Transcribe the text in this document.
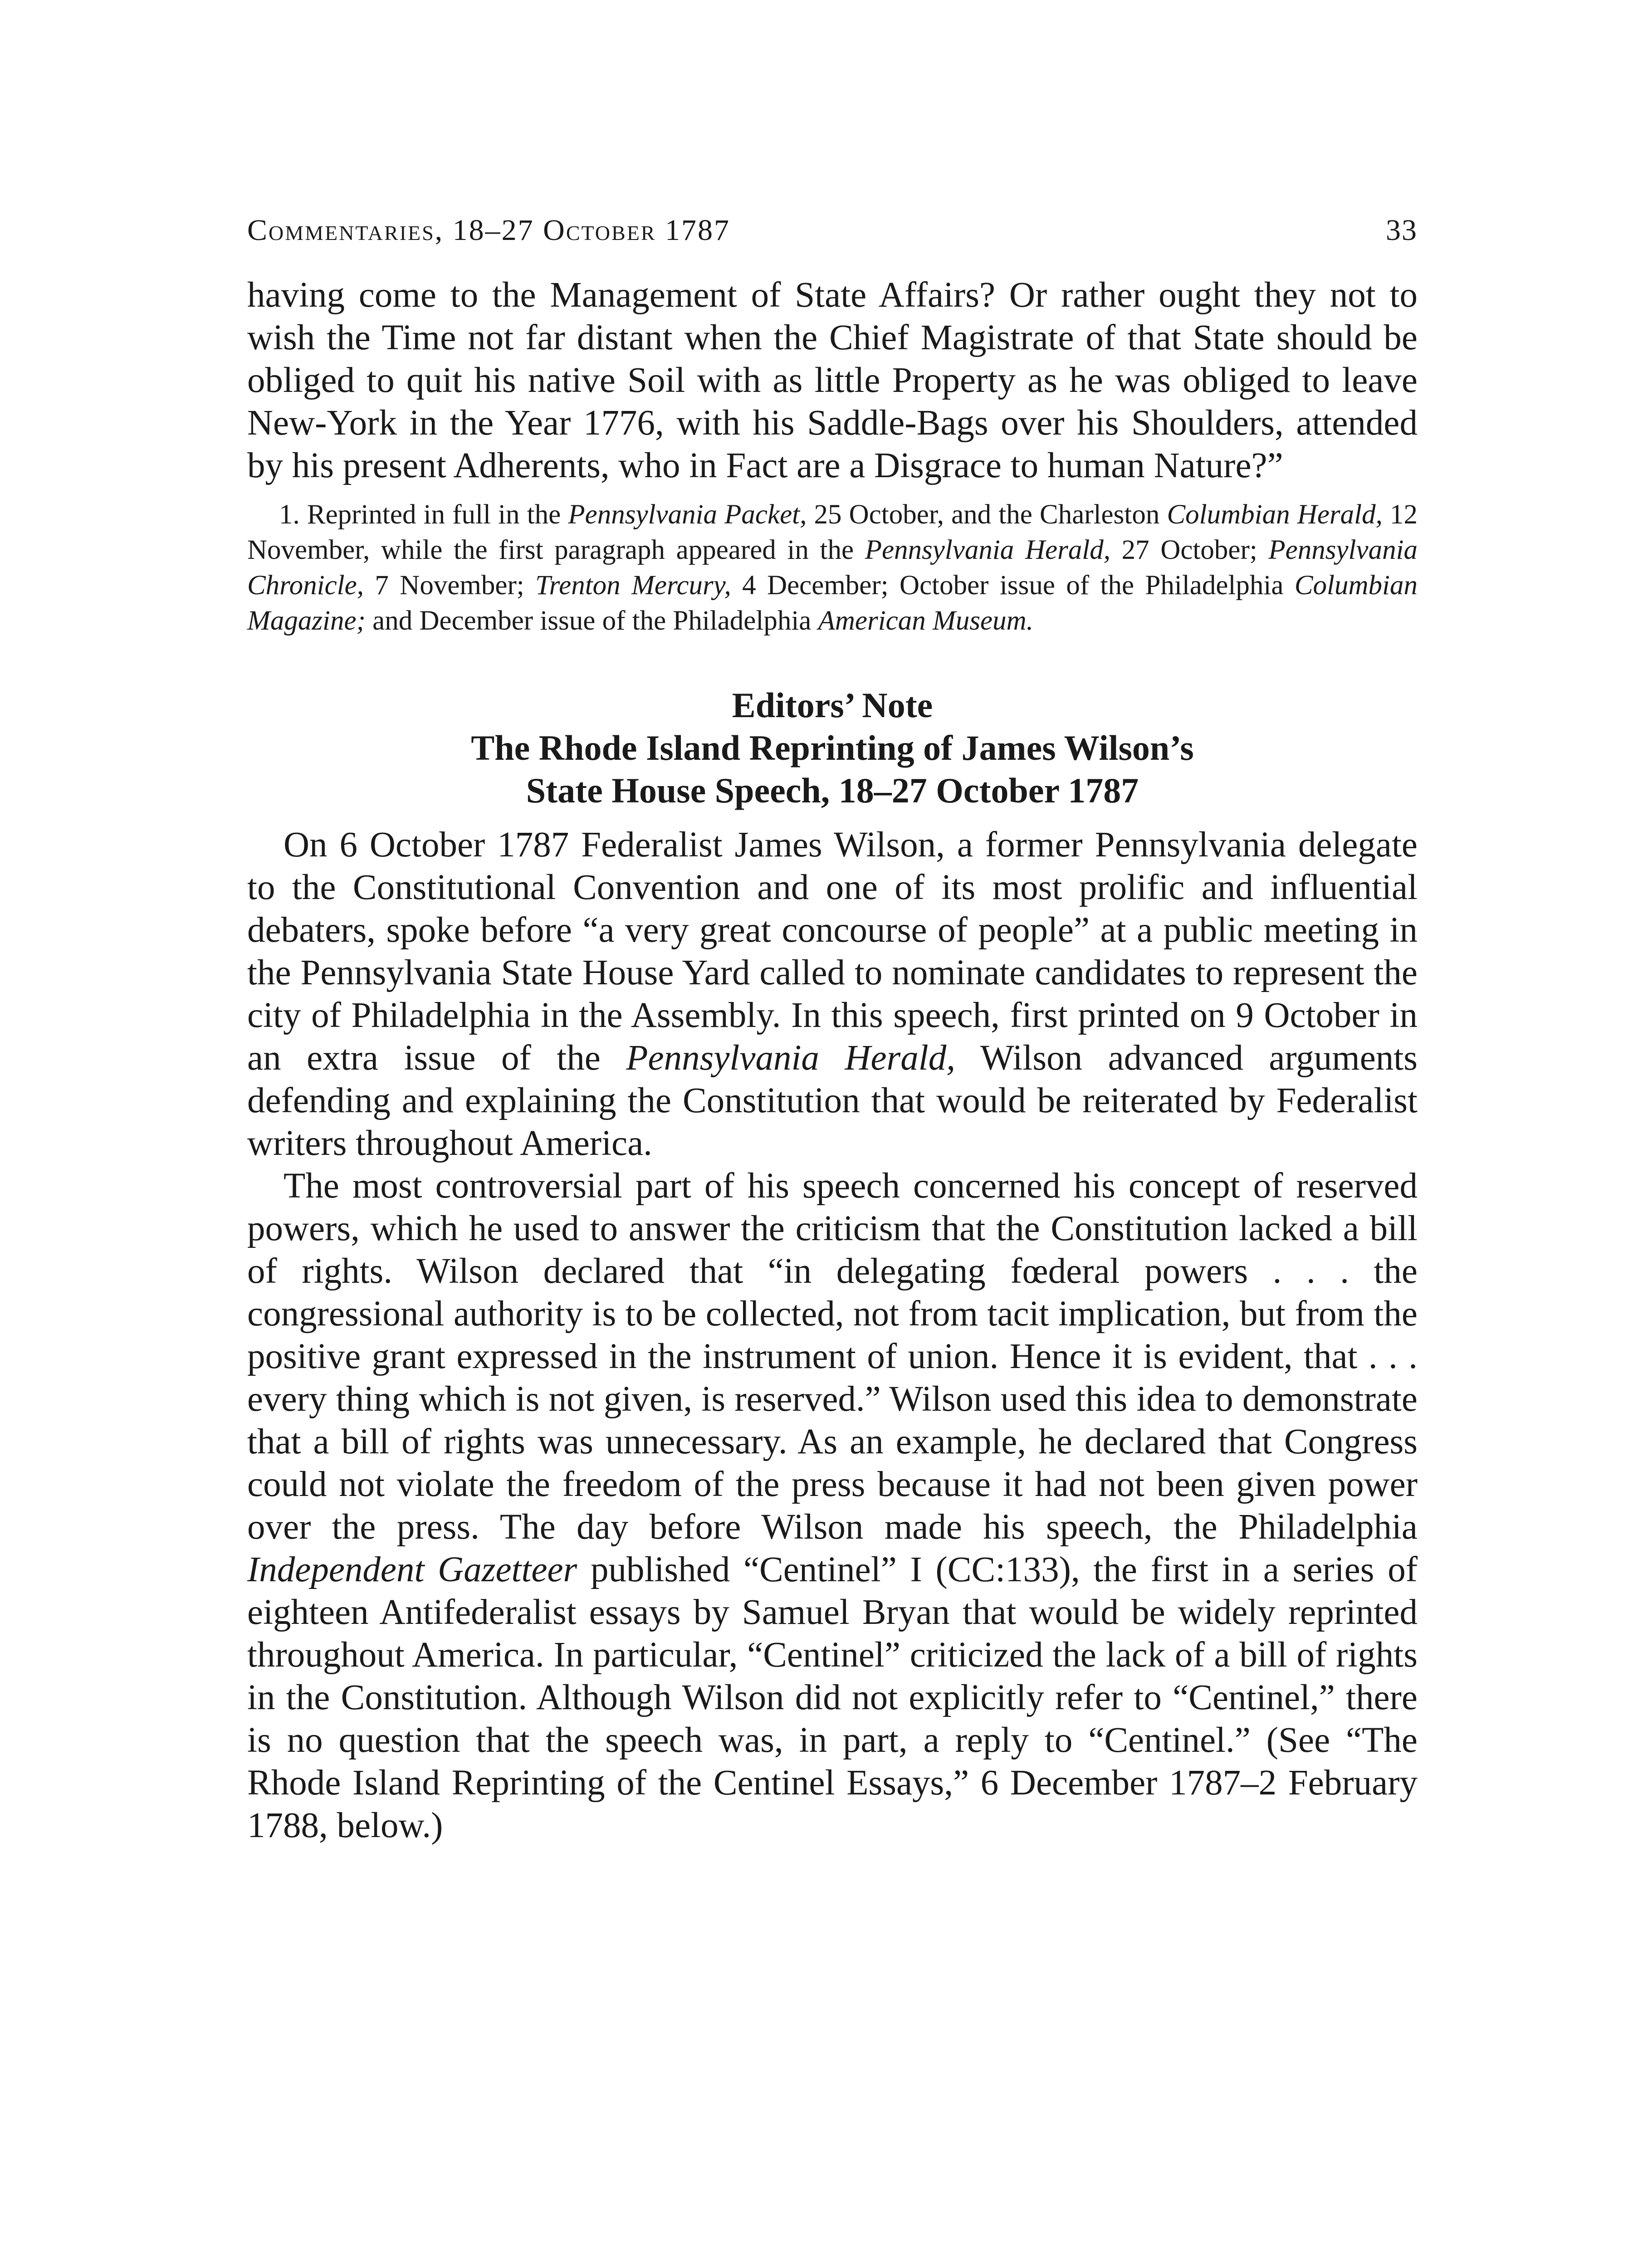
Commentaries, 18–27 October 1787	33

having come to the Management of State Affairs? Or rather ought they not to wish the Time not far distant when the Chief Magistrate of that State should be obliged to quit his native Soil with as little Property as he was obliged to leave New-York in the Year 1776, with his Saddle-Bags over his Shoulders, attended by his present Adherents, who in Fact are a Disgrace to human Nature?”

1. Reprinted in full in the Pennsylvania Packet, 25 October, and the Charleston Columbian Herald, 12 November, while the first paragraph appeared in the Pennsylvania Herald, 27 October; Pennsylvania Chronicle, 7 November; Trenton Mercury, 4 December; October issue of the Philadelphia Columbian Magazine; and December issue of the Philadelphia American Museum.

Editors’ Note
The Rhode Island Reprinting of James Wilson’s
State House Speech, 18–27 October 1787

On 6 October 1787 Federalist James Wilson, a former Pennsylvania delegate to the Constitutional Convention and one of its most prolific and influential debaters, spoke before “a very great concourse of people” at a public meeting in the Pennsylvania State House Yard called to nominate candidates to represent the city of Philadelphia in the Assembly. In this speech, first printed on 9 October in an extra issue of the Pennsylvania Herald, Wilson advanced arguments defending and explaining the Constitution that would be reiterated by Federalist writers throughout America.

The most controversial part of his speech concerned his concept of reserved powers, which he used to answer the criticism that the Constitution lacked a bill of rights. Wilson declared that “in delegating fœderal powers . . . the congressional authority is to be collected, not from tacit implication, but from the positive grant expressed in the instrument of union. Hence it is evident, that . . . every thing which is not given, is reserved.” Wilson used this idea to demonstrate that a bill of rights was unnecessary. As an example, he declared that Congress could not violate the freedom of the press because it had not been given power over the press. The day before Wilson made his speech, the Philadelphia Independent Gazetteer published “Centinel” I (CC:133), the first in a series of eighteen Antifederalist essays by Samuel Bryan that would be widely reprinted throughout America. In particular, “Centinel” criticized the lack of a bill of rights in the Constitution. Although Wilson did not explicitly refer to “Centinel,” there is no question that the speech was, in part, a reply to “Centinel.” (See “The Rhode Island Reprinting of the Centinel Essays,” 6 December 1787–2 February 1788, below.)
